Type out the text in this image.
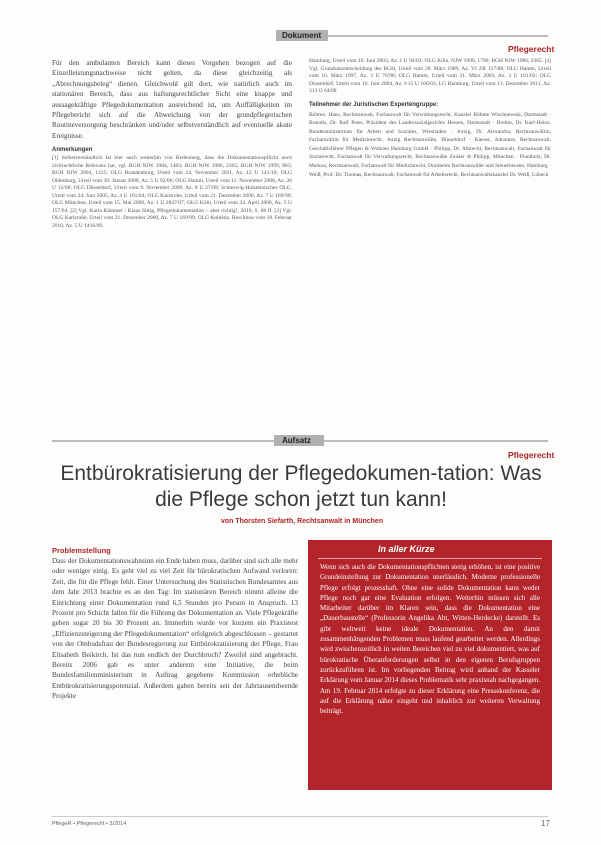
Dokument
Pflegerecht

Für den ambulanten Bereich kann dieses Vorgehen bezogen auf die Einzelleistungsnachweise nicht gelten, da diese gleichzeitig als „Abrechnungsbeleg“ dienen. Gleichwohl gilt dort, wie natürlich auch im stationären Bereich, dass aus haftungsrechtlicher Sicht eine knappe und aussagekräftige Pflegedokumentation ausreichend ist, um Auffälligkeiten im Pflegebericht sich auf die Abweichung von der grundpflegerischen Routineversorgung beschränken und/oder selbstverständlich auf eventuelle akute Ereignisse.

Anmerkungen

[1] Selbstverständlich Ist hier auch weiterhin von Bedeutung, dass die Dokumentationspflicht auch zivilrechtliche Relevanz hat, vgl. BGH NJW 1984, 1403; BGH NJW 1986, 2365; BGH NJW 1999, 863; BGH NJW 2004, 1225; OLG Brandenburg, Urteil vom 24. November 2011, Az. 12 U 141/10; OLG Oldenburg, Urteil vom 30. Januar 2008, Az. 5 U 92/06; OLG Hamm, Urteil vom 11. November 2008, Az. 26 U 12/08; OLG Düsseldorf, Urteil vom 9. November 2009, Az. 8 U 27/09; Schleswig-Holsteinisches OLG, Urteil vom 24. Juni 2005, Az. 4 U 161/04; OLG Karlsruhe, Urteil vom 21. Dezember 2000, Az. 7 U 169/99; OLG München, Urteil vom 15. Mai 2009, Az. 1 U 2847/07; OLG Köln, Urteil vom 24. April 2006, Az. 5 U 157/04. [2] Vgl. Karla Kämmer / Klaus Sittig, Pflegedokumentation – aber richtig!, 2010, S. 68 ff. [3] Vgl. OLG Karlsruhe, Urteil vom 21. Dezember 2000, Az. 7 U 169/99; OLG Koblenz, Beschluss vom 18. Februar 2010, Az. 5 U 1416/09.

Hamburg, Urteil vom 10. Juni 2003, Az. 1 U 94/02; OLG Köln, NJW 1999, 1790; BGH NJW 1986, 2365. [4] Vgl. Grundsatzentscheidung des BGH, Urteil vom 28. März 1989, Az. VI ZR 157/88; OLG Hamm, Urteil vom 16. März 1997, Az. 3 U 76/96; OLG Hamm, Urteil vom 31. März 2003, Az. 3 U 161/02; OLG Düsseldorf, Urteil vom 10. Juni 2004, Az. I-15 U 166/03; LG Hamburg, Urteil vom 13. Dezember 2011, Az. 313 O 64/08

Teilnehmer der Juristischen Expertengruppe:

Böhme, Hans, Rechtsanwalt, Fachanwalt für Verwaltungsrecht, Kanzlei Böhme Wischnewski, Darmstadt · Brandis, Dr. Ralf Peter, Präsident des Landessozialgerichts Hessen, Darmstadt · Brehm, Dr. Karl-Heinz, Bundesministerium für Arbeit und Soziales, Wiesbaden · Jorzig, Dr. Alexandra, Rechtsanwältin, Fachanwältin für Medizinrecht, Jorzig Rechtsanwälte, Düsseldorf · Kaeser, Johannes, Rechtsanwalt, Geschäftsführer Pflegen & Wohnen Hamburg GmbH · Philipp, Dr. Albrecht, Rechtsanwalt, Fachanwalt für Sozialrecht, Fachanwalt für Verwaltungsrecht, Rechtsanwälte Zeisler & Philipp, München · Plantholz, Dr. Markus, Rechtsanwalt, Fachanwalt für Medizinrecht, Dornheim Rechtsanwälte und Steuerberater, Hamburg · Weiß, Prof. Dr. Thomas, Rechtsanwalt, Fachanwalt für Arbeitsrecht, Rechtsanwaltskanzlei Dr. Weiß, Lübeck

Aufsatz
Pflegerecht
Entbürokratisierung der Pflegedokumen-tation: Was die Pflege schon jetzt tun kann!
von Thorsten Siefarth, Rechtsanwalt in München

Problemstellung

Dass der Dokumentationswahnsinn ein Ende haben muss, darüber sind sich alle mehr oder weniger einig. Es geht viel zu viel Zeit für bürokratischen Aufwand verloren: Zeit, die für die Pflege fehlt. Einer Untersuchung des Statistischen Bundesamtes aus dem Jahr 2013 brachte es an den Tag: Im stationären Bereich nimmt alleine die Einrichtung einer Dokumentation rund 6,5 Stunden pro Person in Anspruch. 13 Prozent pro Schicht fallen für die Führung der Dokumentation an. Viele Pflegekräfte geben sogar 20 bis 30 Prozent an. Immerhin wurde vor kurzem ein Praxistest „Effizienzsteigerung der Pflegedokumentation“ erfolgreich abgeschlossen – gestartet von der Ombudsfrau der Bundesregierung zur Entbürokratisierung der Pflege, Frau Elisabeth Beikirch. Ist das nun endlich der Durchbruch? Zweifel sind angebracht. Bereits 2006 gab es unter anderem eine Initiative, die beim Bundesfamilienministerium in Auftrag gegebene Kommission erhebliche Entbürokratisierungspotenzial. Außerdem gaben bereits seit der Jahrtausendwende Projekte

In aller Kürze

Wenn sich auch die Dokumentationspflichten stetig erhöhen, ist eine positive Grundeinstellung zur Dokumentation unerlässlich. Moderne professionelle Pflege erfolgt prozesshaft. Ohne eine solide Dokumentation kann weder Pflege noch gar eine Evaluation erfolgen. Weiterhin müssen sich alle Mitarbeiter darüber im Klaren sein, dass die Dokumentation eine „Dauerbaustelle“ (Professorin Angelika Abt, Witten-Herdecke) darstellt. Es gibt weltweit keine ideale Dokumentation. An den damit zusammenhängenden Problemen muss laufend gearbeitet werden. Allerdings wird zwischenzeitlich in weiten Bereichen viel zu viel dokumentiert, was auf bürokratische Überanforderungen selbst in den eigenen Berufsgruppen zurückzuführen ist. Im vorliegenden Beitrag wird anhand der Kasseler Erklärung vom Januar 2014 dieses Problematik sehr praxisnah nachgegangen. Am 19. Februar 2014 erfolgte zu dieser Erklärung eine Pressekonferenz, die auf die Erklärung näher eingeht und inhaltlich zur weiteren Verwaltung beiträgt.

PflegeR • Pflegerecht • 3/2014	17
